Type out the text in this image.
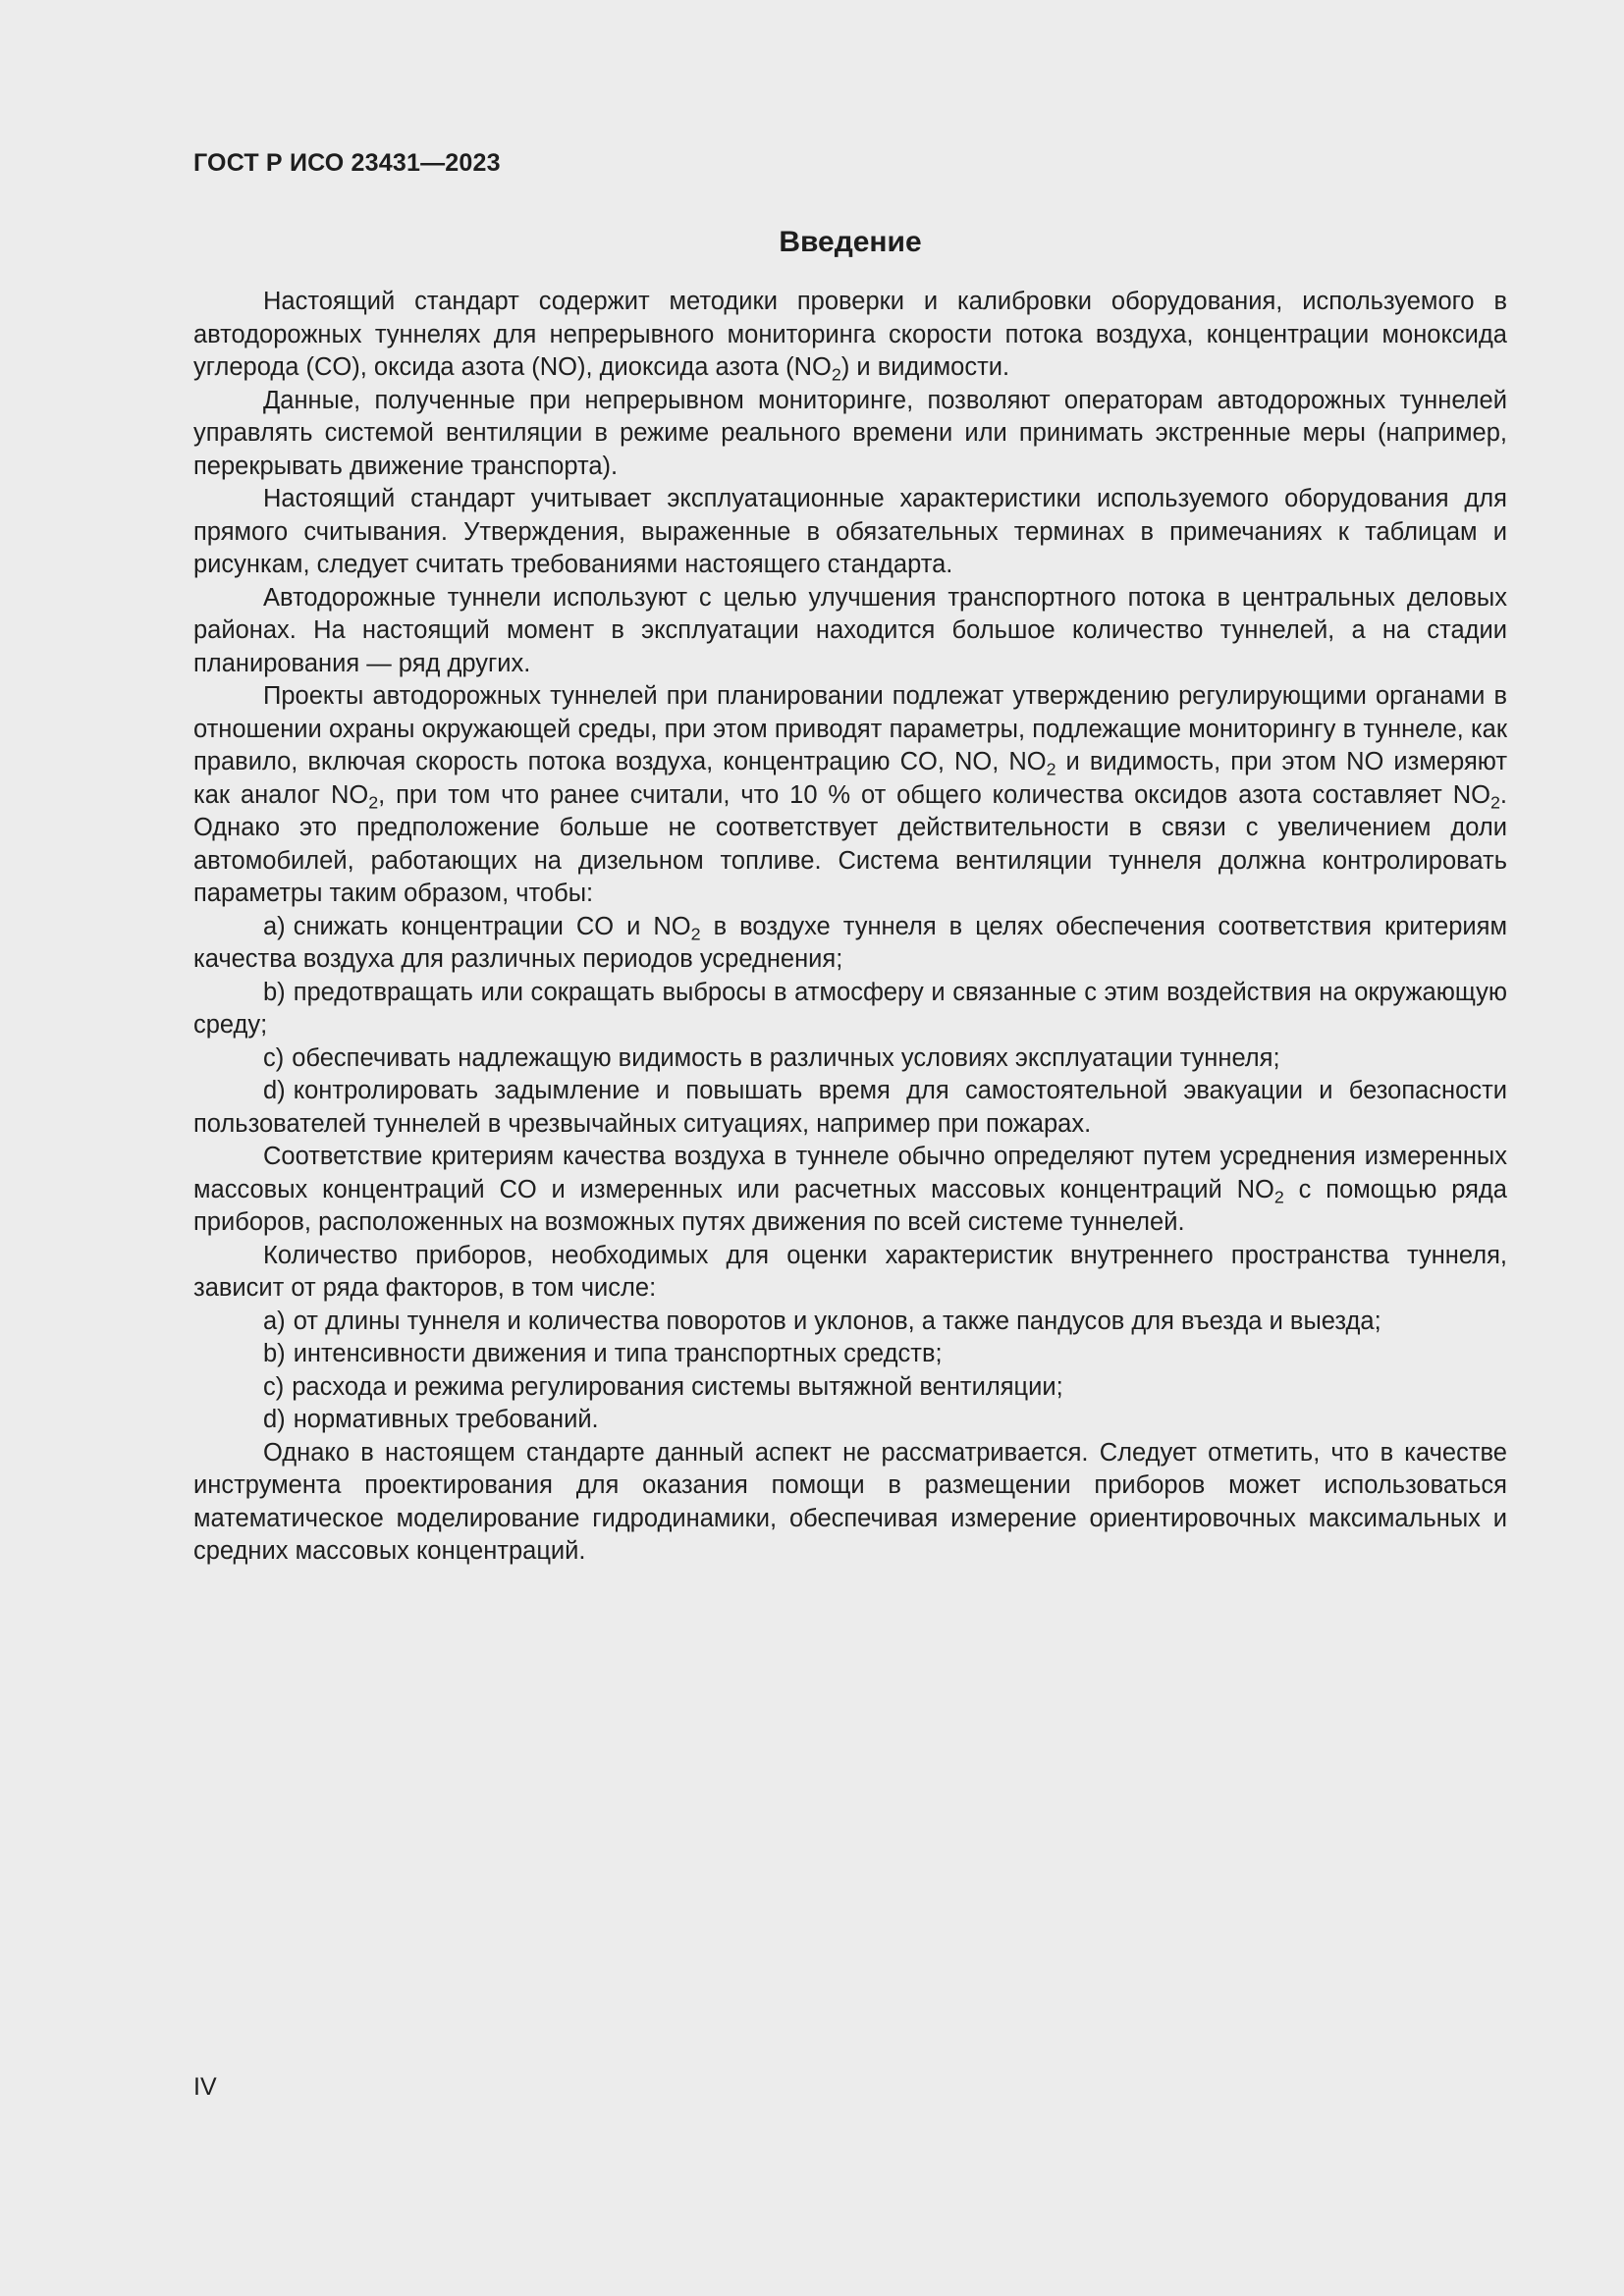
ГОСТ Р ИСО 23431—2023
Введение

Настоящий стандарт содержит методики проверки и калибровки оборудования, используемого в автодорожных туннелях для непрерывного мониторинга скорости потока воздуха, концентрации моноксида углерода (CO), оксида азота (NO), диоксида азота $(NO_2)$ и видимости.

Данные, полученные при непрерывном мониторинге, позволяют операторам автодорожных туннелей управлять системой вентиляции в режиме реального времени или принимать экстренные меры (например, перекрывать движение транспорта).

Настоящий стандарт учитывает эксплуатационные характеристики используемого оборудования для прямого считывания. Утверждения, выраженные в обязательных терминах в примечаниях к таблицам и рисункам, следует считать требованиями настоящего стандарта.

Автодорожные туннели используют с целью улучшения транспортного потока в центральных деловых районах. На настоящий момент в эксплуатации находится большое количество туннелей, а на стадии планирования — ряд других.

Проекты автодорожных туннелей при планировании подлежат утверждению регулирующими органами в отношении охраны окружающей среды, при этом приводят параметры, подлежащие мониторингу в туннеле, как правило, включая скорость потока воздуха, концентрацию CO, NO, $NO_2$ и видимость, при этом NO измеряют как аналог $NO_2$, при том что ранее считали, что 10 % от общего количества оксидов азота составляет $NO_2$. Однако это предположение больше не соответствует действительности в связи с увеличением доли автомобилей, работающих на дизельном топливе. Система вентиляции туннеля должна контролировать параметры таким образом, чтобы:

a) снижать концентрации CO и $NO_2$ в воздухе туннеля в целях обеспечения соответствия критериям качества воздуха для различных периодов усреднения;

b) предотвращать или сокращать выбросы в атмосферу и связанные с этим воздействия на окружающую среду;

c) обеспечивать надлежащую видимость в различных условиях эксплуатации туннеля;

d) контролировать задымление и повышать время для самостоятельной эвакуации и безопасности пользователей туннелей в чрезвычайных ситуациях, например при пожарах.

Соответствие критериям качества воздуха в туннеле обычно определяют путем усреднения измеренных массовых концентраций CO и измеренных или расчетных массовых концентраций $NO_2$ с помощью ряда приборов, расположенных на возможных путях движения по всей системе туннелей.

Количество приборов, необходимых для оценки характеристик внутреннего пространства туннеля, зависит от ряда факторов, в том числе:

a) от длины туннеля и количества поворотов и уклонов, а также пандусов для въезда и выезда;

b) интенсивности движения и типа транспортных средств;

c) расхода и режима регулирования системы вытяжной вентиляции;

d) нормативных требований.

Однако в настоящем стандарте данный аспект не рассматривается. Следует отметить, что в качестве инструмента проектирования для оказания помощи в размещении приборов может использоваться математическое моделирование гидродинамики, обеспечивая измерение ориентировочных максимальных и средних массовых концентраций.

IV
